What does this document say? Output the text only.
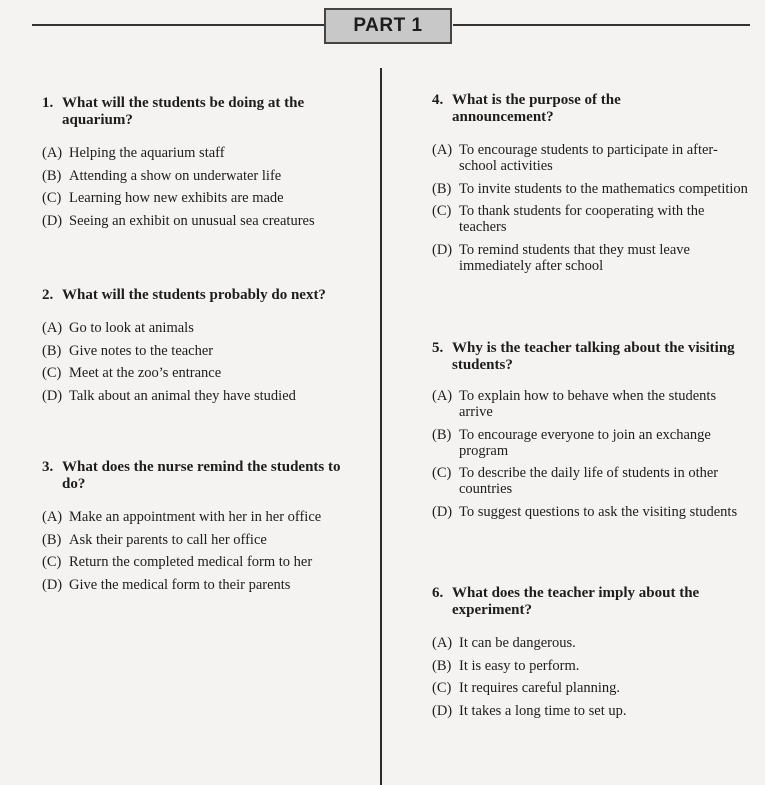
PART 1
1. What will the students be doing at the aquarium?
(A) Helping the aquarium staff
(B) Attending a show on underwater life
(C) Learning how new exhibits are made
(D) Seeing an exhibit on unusual sea creatures
2. What will the students probably do next?
(A) Go to look at animals
(B) Give notes to the teacher
(C) Meet at the zoo’s entrance
(D) Talk about an animal they have studied
3. What does the nurse remind the students to do?
(A) Make an appointment with her in her office
(B) Ask their parents to call her office
(C) Return the completed medical form to her
(D) Give the medical form to their parents
4. What is the purpose of the announcement?
(A) To encourage students to participate in after-school activities
(B) To invite students to the mathematics competition
(C) To thank students for cooperating with the teachers
(D) To remind students that they must leave immediately after school
5. Why is the teacher talking about the visiting students?
(A) To explain how to behave when the students arrive
(B) To encourage everyone to join an exchange program
(C) To describe the daily life of students in other countries
(D) To suggest questions to ask the visiting students
6. What does the teacher imply about the experiment?
(A) It can be dangerous.
(B) It is easy to perform.
(C) It requires careful planning.
(D) It takes a long time to set up.
